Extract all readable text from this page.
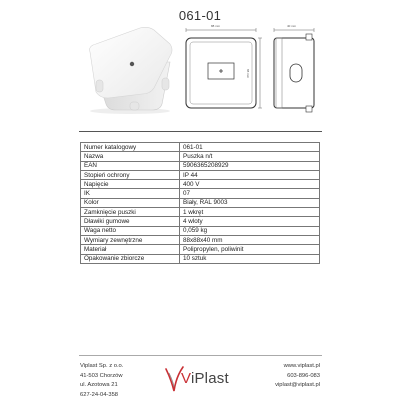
061-01
88 mm
88 mm
40 mm
Numer katalogowy	061-01
Nazwa	Puszka n/t
EAN	5906365208929
Stopień ochrony	IP 44
Napięcie	400 V
IK	07
Kolor	Biały, RAL 9003
Zamknięcie puszki	1 wkręt
Dławiki gumowe	4 wloty
Waga netto	0,059 kg
Wymiary zewnętrzne	88x88x40 mm
Materiał	Polipropylen, poliwinit
Opakowanie zbiorcze	10 sztuk
Viplast Sp. z o.o.
41-503 Chorzów
ul. Azotowa 21
627-24-04-358
ViPlast
www.viplast.pl
603-896-083
viplast@viplast.pl
